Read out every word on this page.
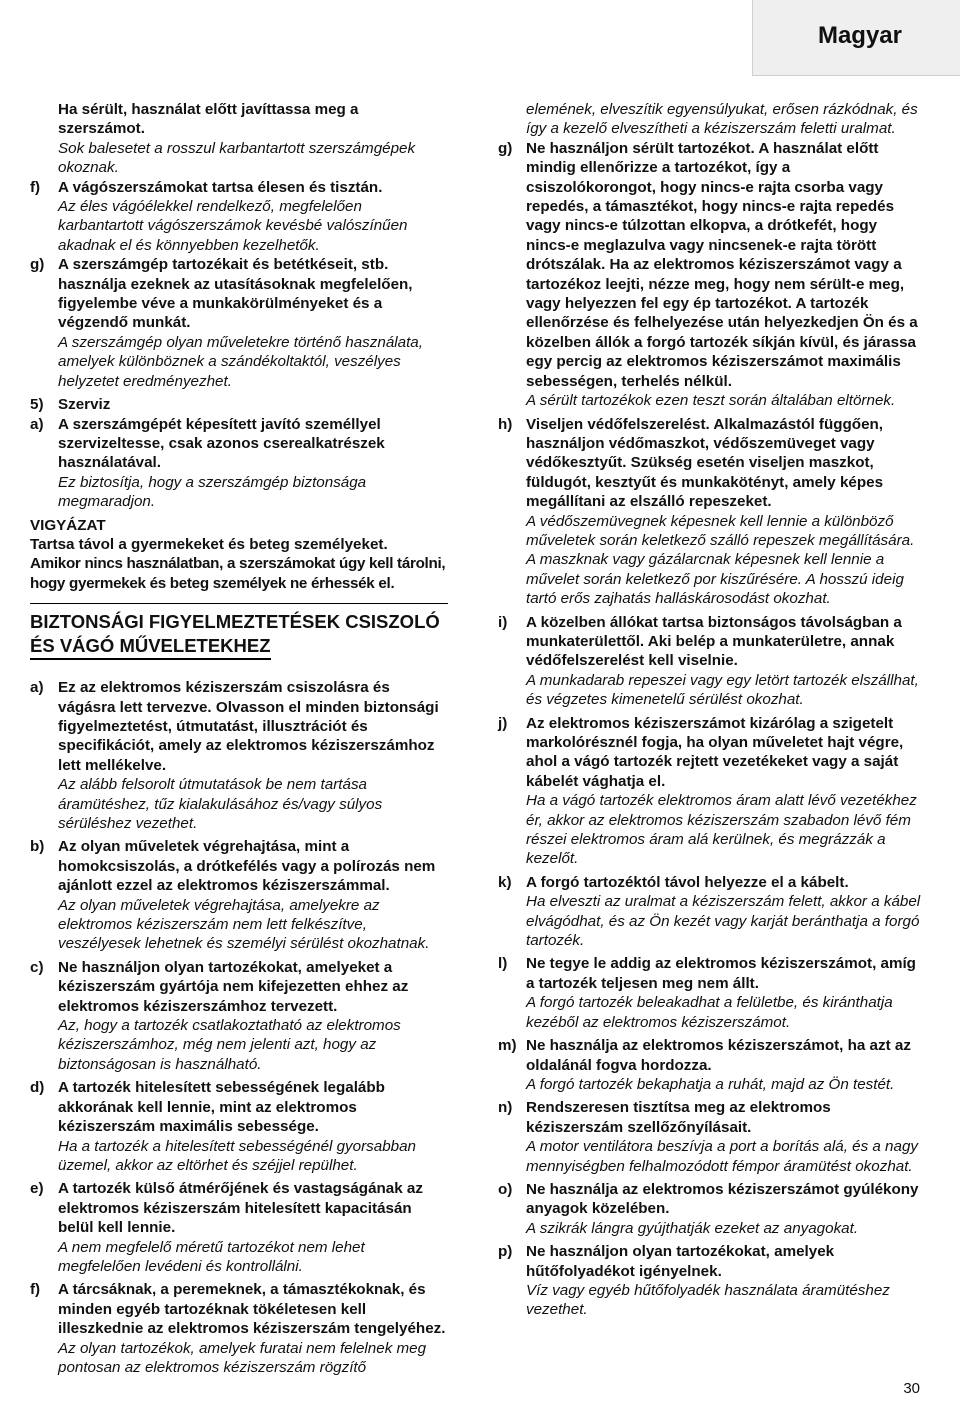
Magyar

Ha sérült, használat előtt javíttassa meg a szerszámot.

Sok balesetet a rosszul karbantartott szerszámgépek okoznak.

f)	A vágószerszámokat tartsa élesen és tisztán.

Az éles vágóélekkel rendelkező, megfelelően karbantartott vágószerszámok kevésbé valószínűen akadnak el és könnyebben kezelhetők.

g) A szerszámgép tartozékait és betétkéseit, stb. használja ezeknek az utasításoknak megfelelően, figyelembe véve a munkakörülményeket és a végzendő munkát.

A szerszámgép olyan műveletekre történő használata, amelyek különböznek a szándékoltaktól, veszélyes helyzetet eredményezhet.

5) Szerviz
a) A szerszámgépét képesített javító személlyel szervizeltesse, csak azonos cserealkatrészek használatával.

Ez biztosítja, hogy a szerszámgép biztonsága megmaradjon.

VIGYÁZAT

Tartsa távol a gyermekeket és beteg személyeket.

Amikor nincs használatban, a szerszámokat úgy kell tárolni, hogy gyermekek és beteg személyek ne érhessék el.

BIZTONSÁGI FIGYELMEZTETÉSEK CSISZOLÓ
ÉS VÁGÓ MŰVELETEKHEZ
a) Ez az elektromos kéziszerszám csiszolásra és vágásra lett tervezve. Olvasson el minden biztonsági figyelmeztetést, útmutatást, illusztrációt és specifikációt, amely az elektromos kéziszerszámhoz lett mellékelve.

Az alább felsorolt útmutatások be nem tartása áramütéshez, tűz kialakulásához és/vagy súlyos sérüléshez vezethet.

b) Az olyan műveletek végrehajtása, mint a homokcsiszolás, a drótkefélés vagy a polírozás nem ajánlott ezzel az elektromos kéziszerszámmal.

Az olyan műveletek végrehajtása, amelyekre az elektromos kéziszerszám nem lett felkészítve, veszélyesek lehetnek és személyi sérülést okozhatnak.

c) Ne használjon olyan tartozékokat, amelyeket a kéziszerszám gyártója nem kifejezetten ehhez az elektromos kéziszerszámhoz tervezett.

Az, hogy a tartozék csatlakoztatható az elektromos kéziszerszámhoz, még nem jelenti azt, hogy az biztonságosan is használható.

d) A tartozék hitelesített sebességének legalább akkorának kell lennie, mint az elektromos kéziszerszám maximális sebessége.

Ha a tartozék a hitelesített sebességénél gyorsabban üzemel, akkor az eltörhet és széjjel repülhet.

e) A tartozék külső átmérőjének és vastagságának az elektromos kéziszerszám hitelesített kapacitásán belül kell lennie.

A nem megfelelő méretű tartozékot nem lehet megfelelően levédeni és kontrollálni.

f)	A tárcsáknak, a peremeknek, a támasztékoknak, és minden egyéb tartozéknak tökéletesen kell illeszkednie az elektromos kéziszerszám tengelyéhez.

Az olyan tartozékok, amelyek furatai nem felelnek meg pontosan az elektromos kéziszerszám rögzítő

elemének, elveszítik egyensúlyukat, erősen rázkódnak, és így a kezelő elveszítheti a kéziszerszám feletti uralmat.

g) Ne használjon sérült tartozékot. A használat előtt mindig ellenőrizze a tartozékot, így a csiszolókorongot, hogy nincs-e rajta csorba vagy repedés, a támasztékot, hogy nincs-e rajta repedés vagy nincs-e túlzottan elkopva, a drótkefét, hogy nincs-e meglazulva vagy nincsenek-e rajta törött drótszálak. Ha az elektromos kéziszerszámot vagy a tartozékoz leejti, nézze meg, hogy nem sérült-e meg, vagy helyezzen fel egy ép tartozékot. A tartozék ellenőrzése és felhelyezése után helyezkedjen Ön és a közelben állók a forgó tartozék síkján kívül, és járassa egy percig az elektromos kéziszerszámot maximális sebességen, terhelés nélkül.

A sérült tartozékok ezen teszt során általában eltörnek.

h) Viseljen védőfelszerelést. Alkalmazástól függően, használjon védőmaszkot, védőszemüveget vagy védőkesztyűt. Szükség esetén viseljen maszkot, füldugót, kesztyűt és munkakötényt, amely képes megállítani az elszálló repeszeket.

A védőszemüvegnek képesnek kell lennie a különböző műveletek során keletkező szálló repeszek megállítására. A maszknak vagy gázálarcnak képesnek kell lennie a művelet során keletkező por kiszűrésére. A hosszú ideig tartó erős zajhatás halláskárosodást okozhat.

i)	A közelben állókat tartsa biztonságos távolságban a munkaterülettől. Aki belép a munkaterületre, annak védőfelszerelést kell viselnie.

A munkadarab repeszei vagy egy letört tartozék elszállhat, és végzetes kimenetelű sérülést okozhat.

j)	Az elektromos kéziszerszámot kizárólag a szigetelt markolórésznél fogja, ha olyan műveletet hajt végre, ahol a vágó tartozék rejtett vezetékeket vagy a saját kábelét vághatja el.

Ha a vágó tartozék elektromos áram alatt lévő vezetékhez ér, akkor az elektromos kéziszerszám szabadon lévő fém részei elektromos áram alá kerülnek, és megrázzák a kezelőt.

k) A forgó tartozéktól távol helyezze el a kábelt.

Ha elveszti az uralmat a kéziszerszám felett, akkor a kábel elvágódhat, és az Ön kezét vagy karját beránthatja a forgó tartozék.

l)	Ne tegye le addig az elektromos kéziszerszámot, amíg a tartozék teljesen meg nem állt.

A forgó tartozék beleakadhat a felületbe, és kiránthatja kezéből az elektromos kéziszerszámot.

m) Ne használja az elektromos kéziszerszámot, ha azt az oldalánál fogva hordozza.

A forgó tartozék bekaphatja a ruhát, majd az Ön testét.

n) Rendszeresen tisztítsa meg az elektromos kéziszerszám szellőzőnyílásait.

A motor ventilátora beszívja a port a borítás alá, és a nagy mennyiségben felhalmozódott fémpor áramütést okozhat.

o) Ne használja az elektromos kéziszerszámot gyúlékony anyagok közelében.

A szikrák lángra gyújthatják ezeket az anyagokat.

p) Ne használjon olyan tartozékokat, amelyek hűtőfolyadékot igényelnek.

Víz vagy egyéb hűtőfolyadék használata áramütéshez vezethet.

30
